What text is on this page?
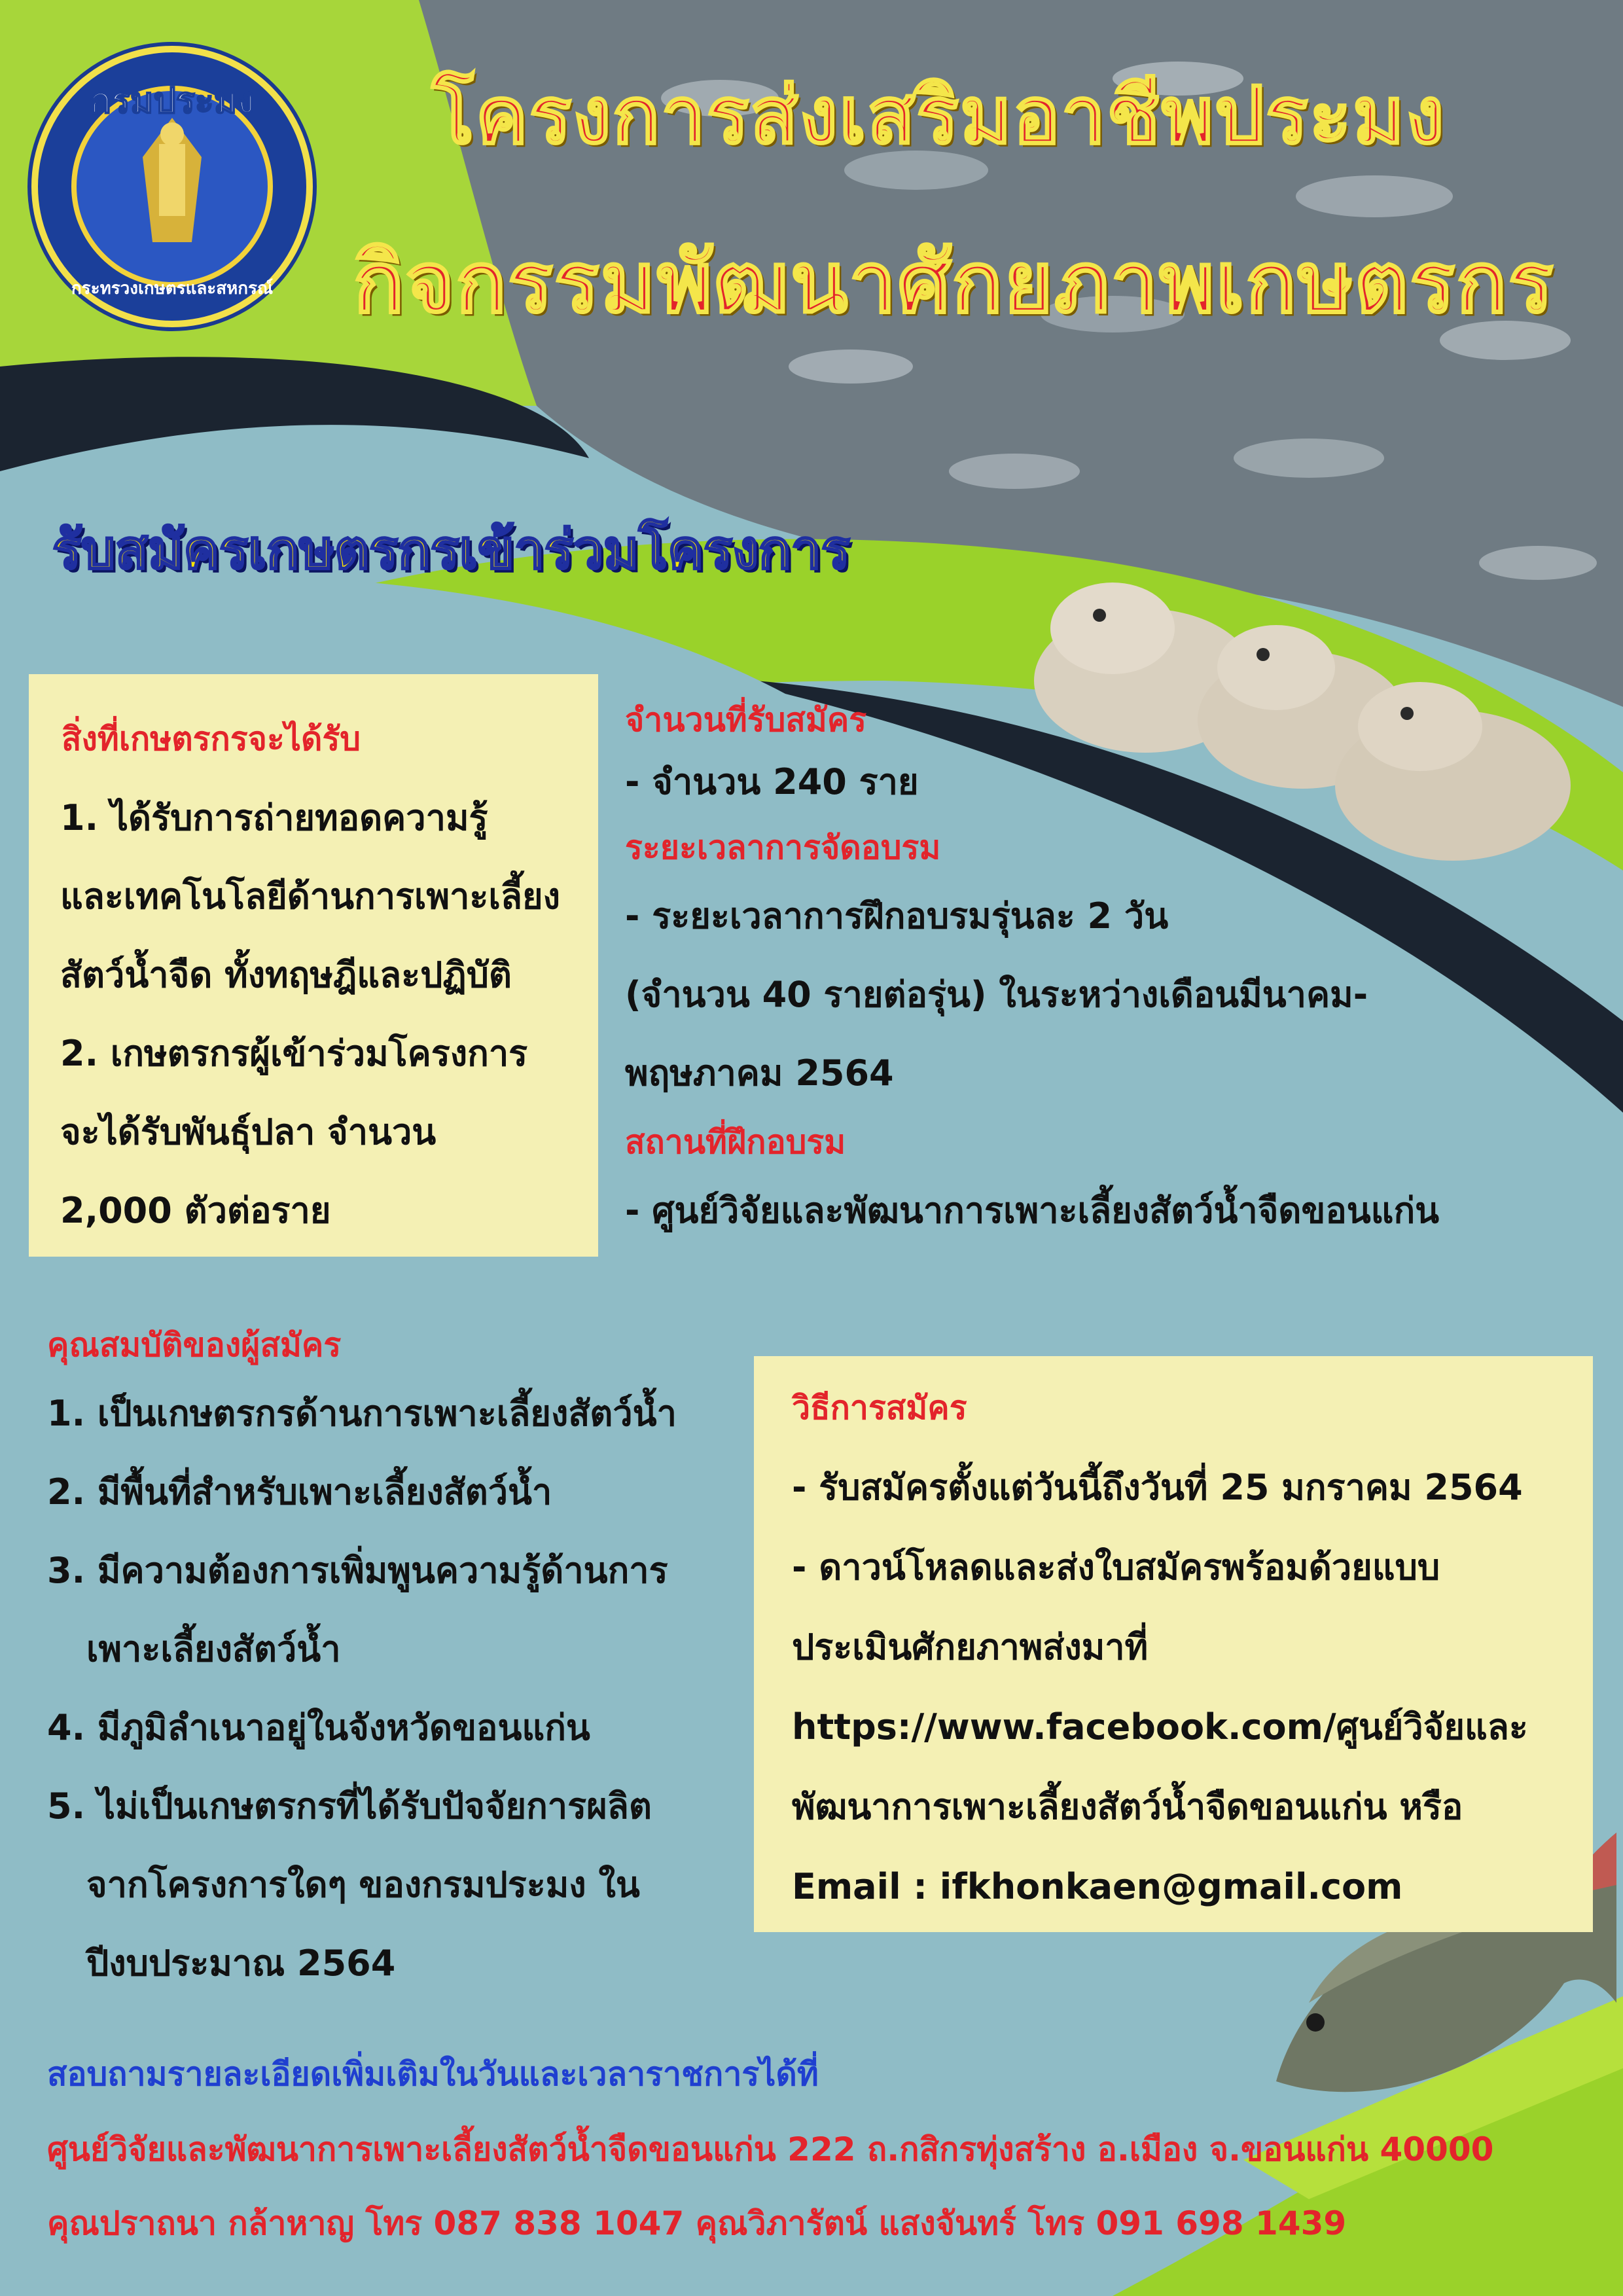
กรมประมง
กระทรวงเกษตรและสหกรณ์
โครงการส่งเสริมอาชีพประมง
กิจกรรมพัฒนาศักยภาพเกษตรกร
รับสมัครเกษตรกรเข้าร่วมโครงการ
สิ่งที่เกษตรกรจะได้รับ
1. ได้รับการถ่ายทอดความรู้
และเทคโนโลยีด้านการเพาะเลี้ยง
สัตว์น้ำจืด ทั้งทฤษฎีและปฏิบัติ
2. เกษตรกรผู้เข้าร่วมโครงการ
จะได้รับพันธุ์ปลา จำนวน
2,000 ตัวต่อราย
จำนวนที่รับสมัคร
- จำนวน 240 ราย
ระยะเวลาการจัดอบรม
- ระยะเวลาการฝึกอบรมรุ่นละ 2 วัน
(จำนวน 40 รายต่อรุ่น) ในระหว่างเดือนมีนาคม-
พฤษภาคม 2564
สถานที่ฝึกอบรม
- ศูนย์วิจัยและพัฒนาการเพาะเลี้ยงสัตว์น้ำจืดขอนแก่น
คุณสมบัติของผู้สมัคร
1. เป็นเกษตรกรด้านการเพาะเลี้ยงสัตว์น้ำ
2. มีพื้นที่สำหรับเพาะเลี้ยงสัตว์น้ำ
3. มีความต้องการเพิ่มพูนความรู้ด้านการ
เพาะเลี้ยงสัตว์น้ำ
4. มีภูมิลำเนาอยู่ในจังหวัดขอนแก่น
5. ไม่เป็นเกษตรกรที่ได้รับปัจจัยการผลิต
จากโครงการใดๆ ของกรมประมง ใน
ปีงบประมาณ 2564
วิธีการสมัคร
- รับสมัครตั้งแต่วันนี้ถึงวันที่ 25 มกราคม 2564
- ดาวน์โหลดและส่งใบสมัครพร้อมด้วยแบบ
ประเมินศักยภาพส่งมาที่
https://www.facebook.com/ศูนย์วิจัยและ
พัฒนาการเพาะเลี้ยงสัตว์น้ำจืดขอนแก่น หรือ
Email : ifkhonkaen@gmail.com
สอบถามรายละเอียดเพิ่มเติมในวันและเวลาราชการได้ที่
ศูนย์วิจัยและพัฒนาการเพาะเลี้ยงสัตว์น้ำจืดขอนแก่น 222 ถ.กสิกรทุ่งสร้าง อ.เมือง จ.ขอนแก่น 40000
คุณปราถนา กล้าหาญ โทร 087 838 1047 คุณวิภารัตน์ แสงจันทร์ โทร 091 698 1439
